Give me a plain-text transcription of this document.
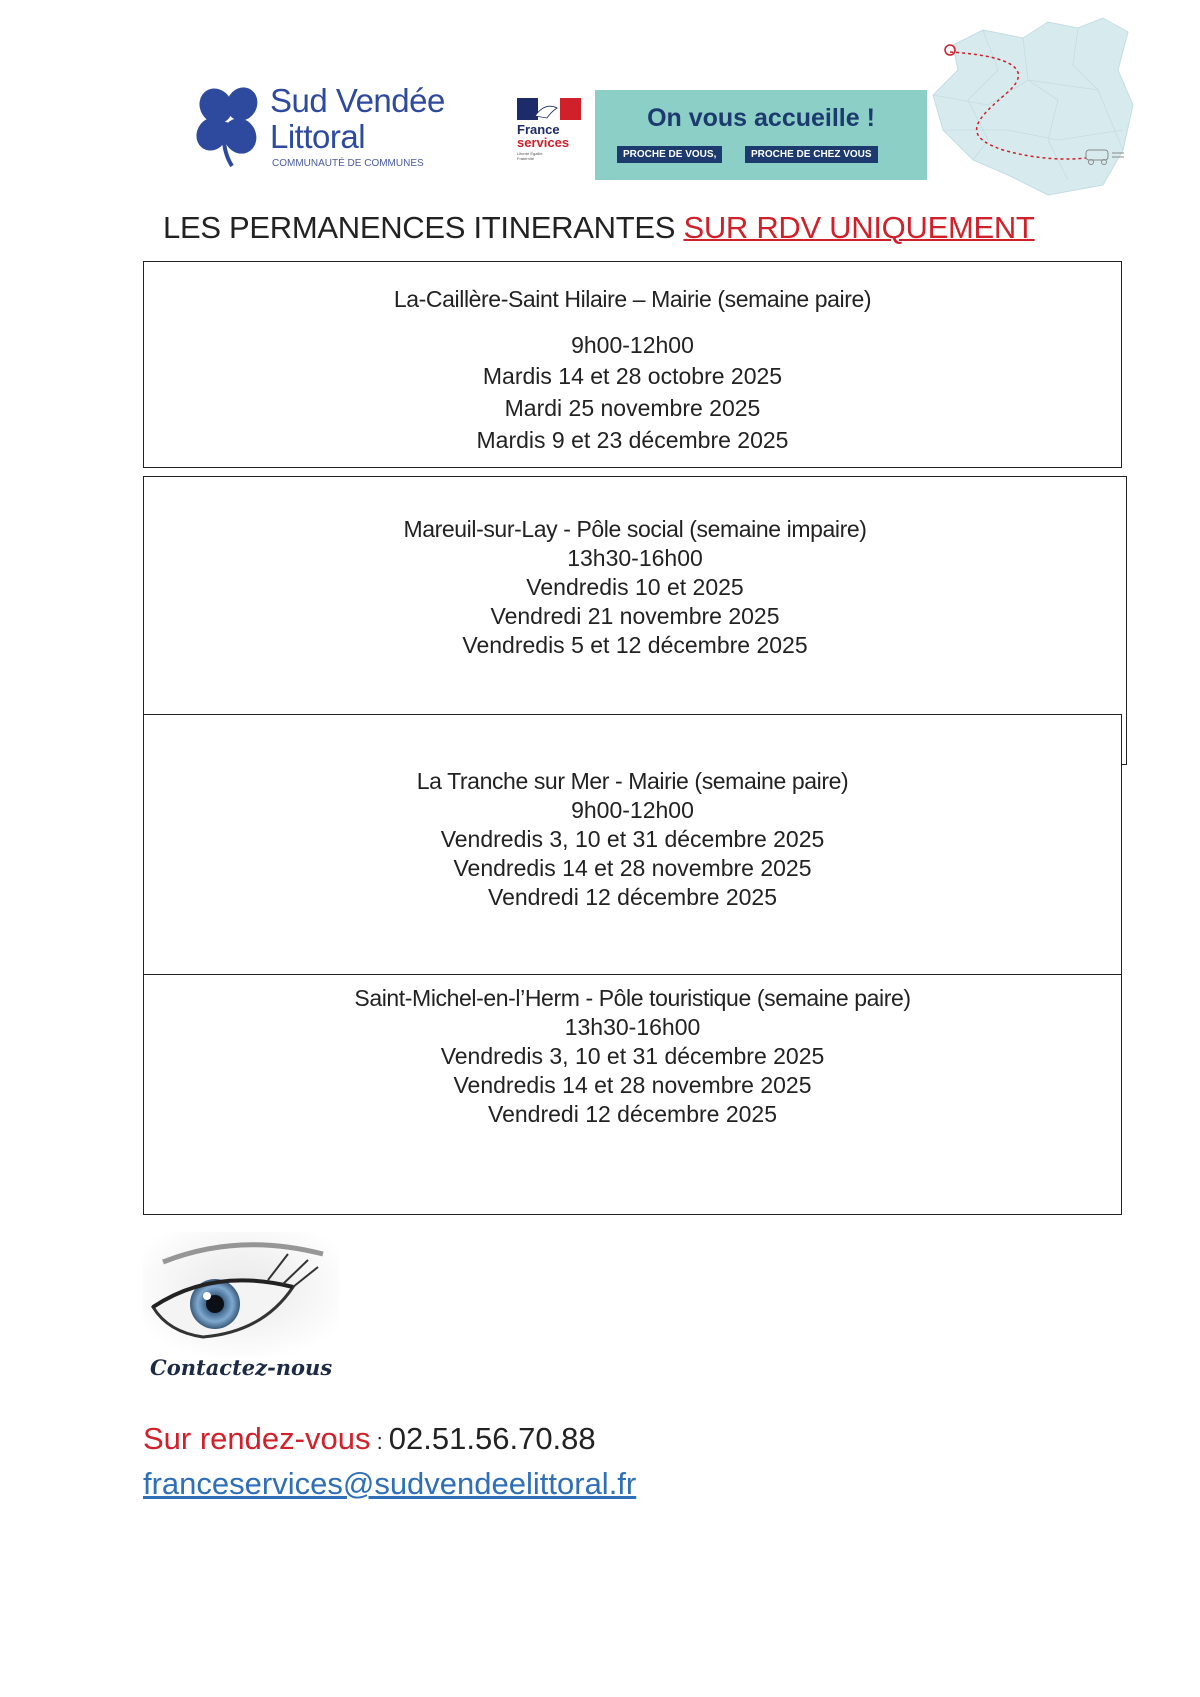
Sud Vendée
Littoral
COMMUNAUTÉ DE COMMUNES
France
services
Liberté Égalité Fraternité
On vous accueille !
PROCHE DE VOUS,	PROCHE DE CHEZ VOUS
LES PERMANENCES ITINERANTES SUR RDV UNIQUEMENT
La-Caillère-Saint Hilaire – Mairie (semaine paire)
9h00-12h00
Mardis 14 et 28 octobre 2025
Mardi 25 novembre 2025
Mardis 9 et 23 décembre 2025
Mareuil-sur-Lay - Pôle social (semaine impaire)
13h30-16h00
Vendredis 10 et 2025
Vendredi 21 novembre 2025
Vendredis 5 et 12 décembre 2025
La Tranche sur Mer - Mairie (semaine paire)
9h00-12h00
Vendredis 3, 10 et 31 décembre 2025
Vendredis 14 et 28 novembre 2025
Vendredi 12 décembre 2025
Saint-Michel-en-l’Herm - Pôle touristique (semaine paire)
13h30-16h00
Vendredis 3, 10 et 31 décembre 2025
Vendredis 14 et 28 novembre 2025
Vendredi 12 décembre 2025
Contactez-nous
Sur rendez-vous : 02.51.56.70.88
franceservices@sudvendeelittoral.fr
